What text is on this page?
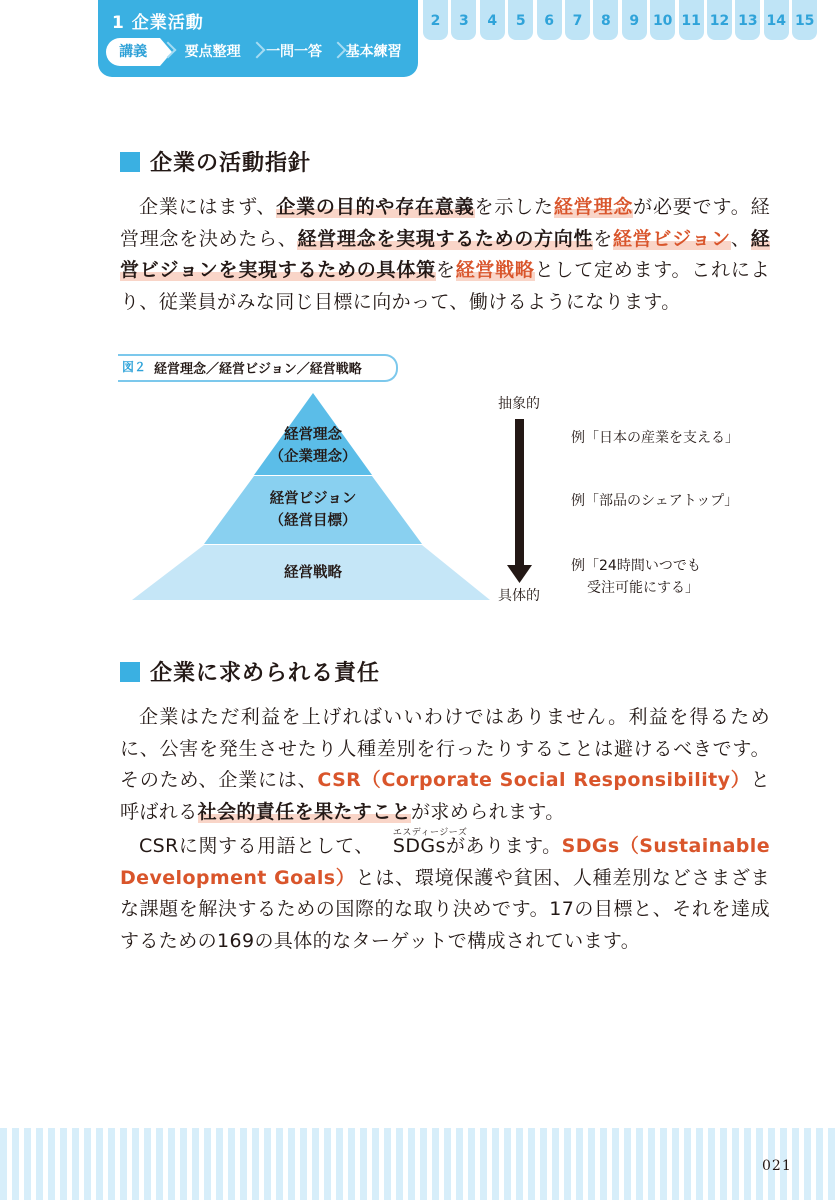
1 企業活動
講義	要点整理	一問一答	基本練習
2	3	4	5	6	7	8	9 10 11 12 13 14 15
企業の活動指針
企業にはまず、企業の目的や存在意義を示した経営理念が必要です。経営理念を決めたら、経営理念を実現するための方向性を経営ビジョン、経営ビジョンを実現するための具体策を経営戦略として定めます。これにより、従業員がみな同じ目標に向かって、働けるようになります。
図２ 経営理念／経営ビジョン／経営戦略
経営理念
（企業理念）
経営ビジョン
（経営目標）
経営戦略
抽象的
具体的
例「日本の産業を支える」
例「部品のシェアトップ」
例「24時間いつでも
受注可能にする」
企業に求められる責任
企業はただ利益を上げればいいわけではありません。利益を得るために、公害を発生させたり人種差別を行ったりすることは避けるべきです。そのため、企業には、CSR（Corporate Social Responsibility）と呼ばれる社会的責任を果たすことが求められます。
CSRに関する用語として、
エスディージーズ
SDGsがあります。SDGs（Sustainable Development Goals）とは、環境保護や貧困、人種差別などさまざまな課題を解決するための国際的な取り決めです。17の目標と、それを達成するための169の具体的なターゲットで構成されています。
021
